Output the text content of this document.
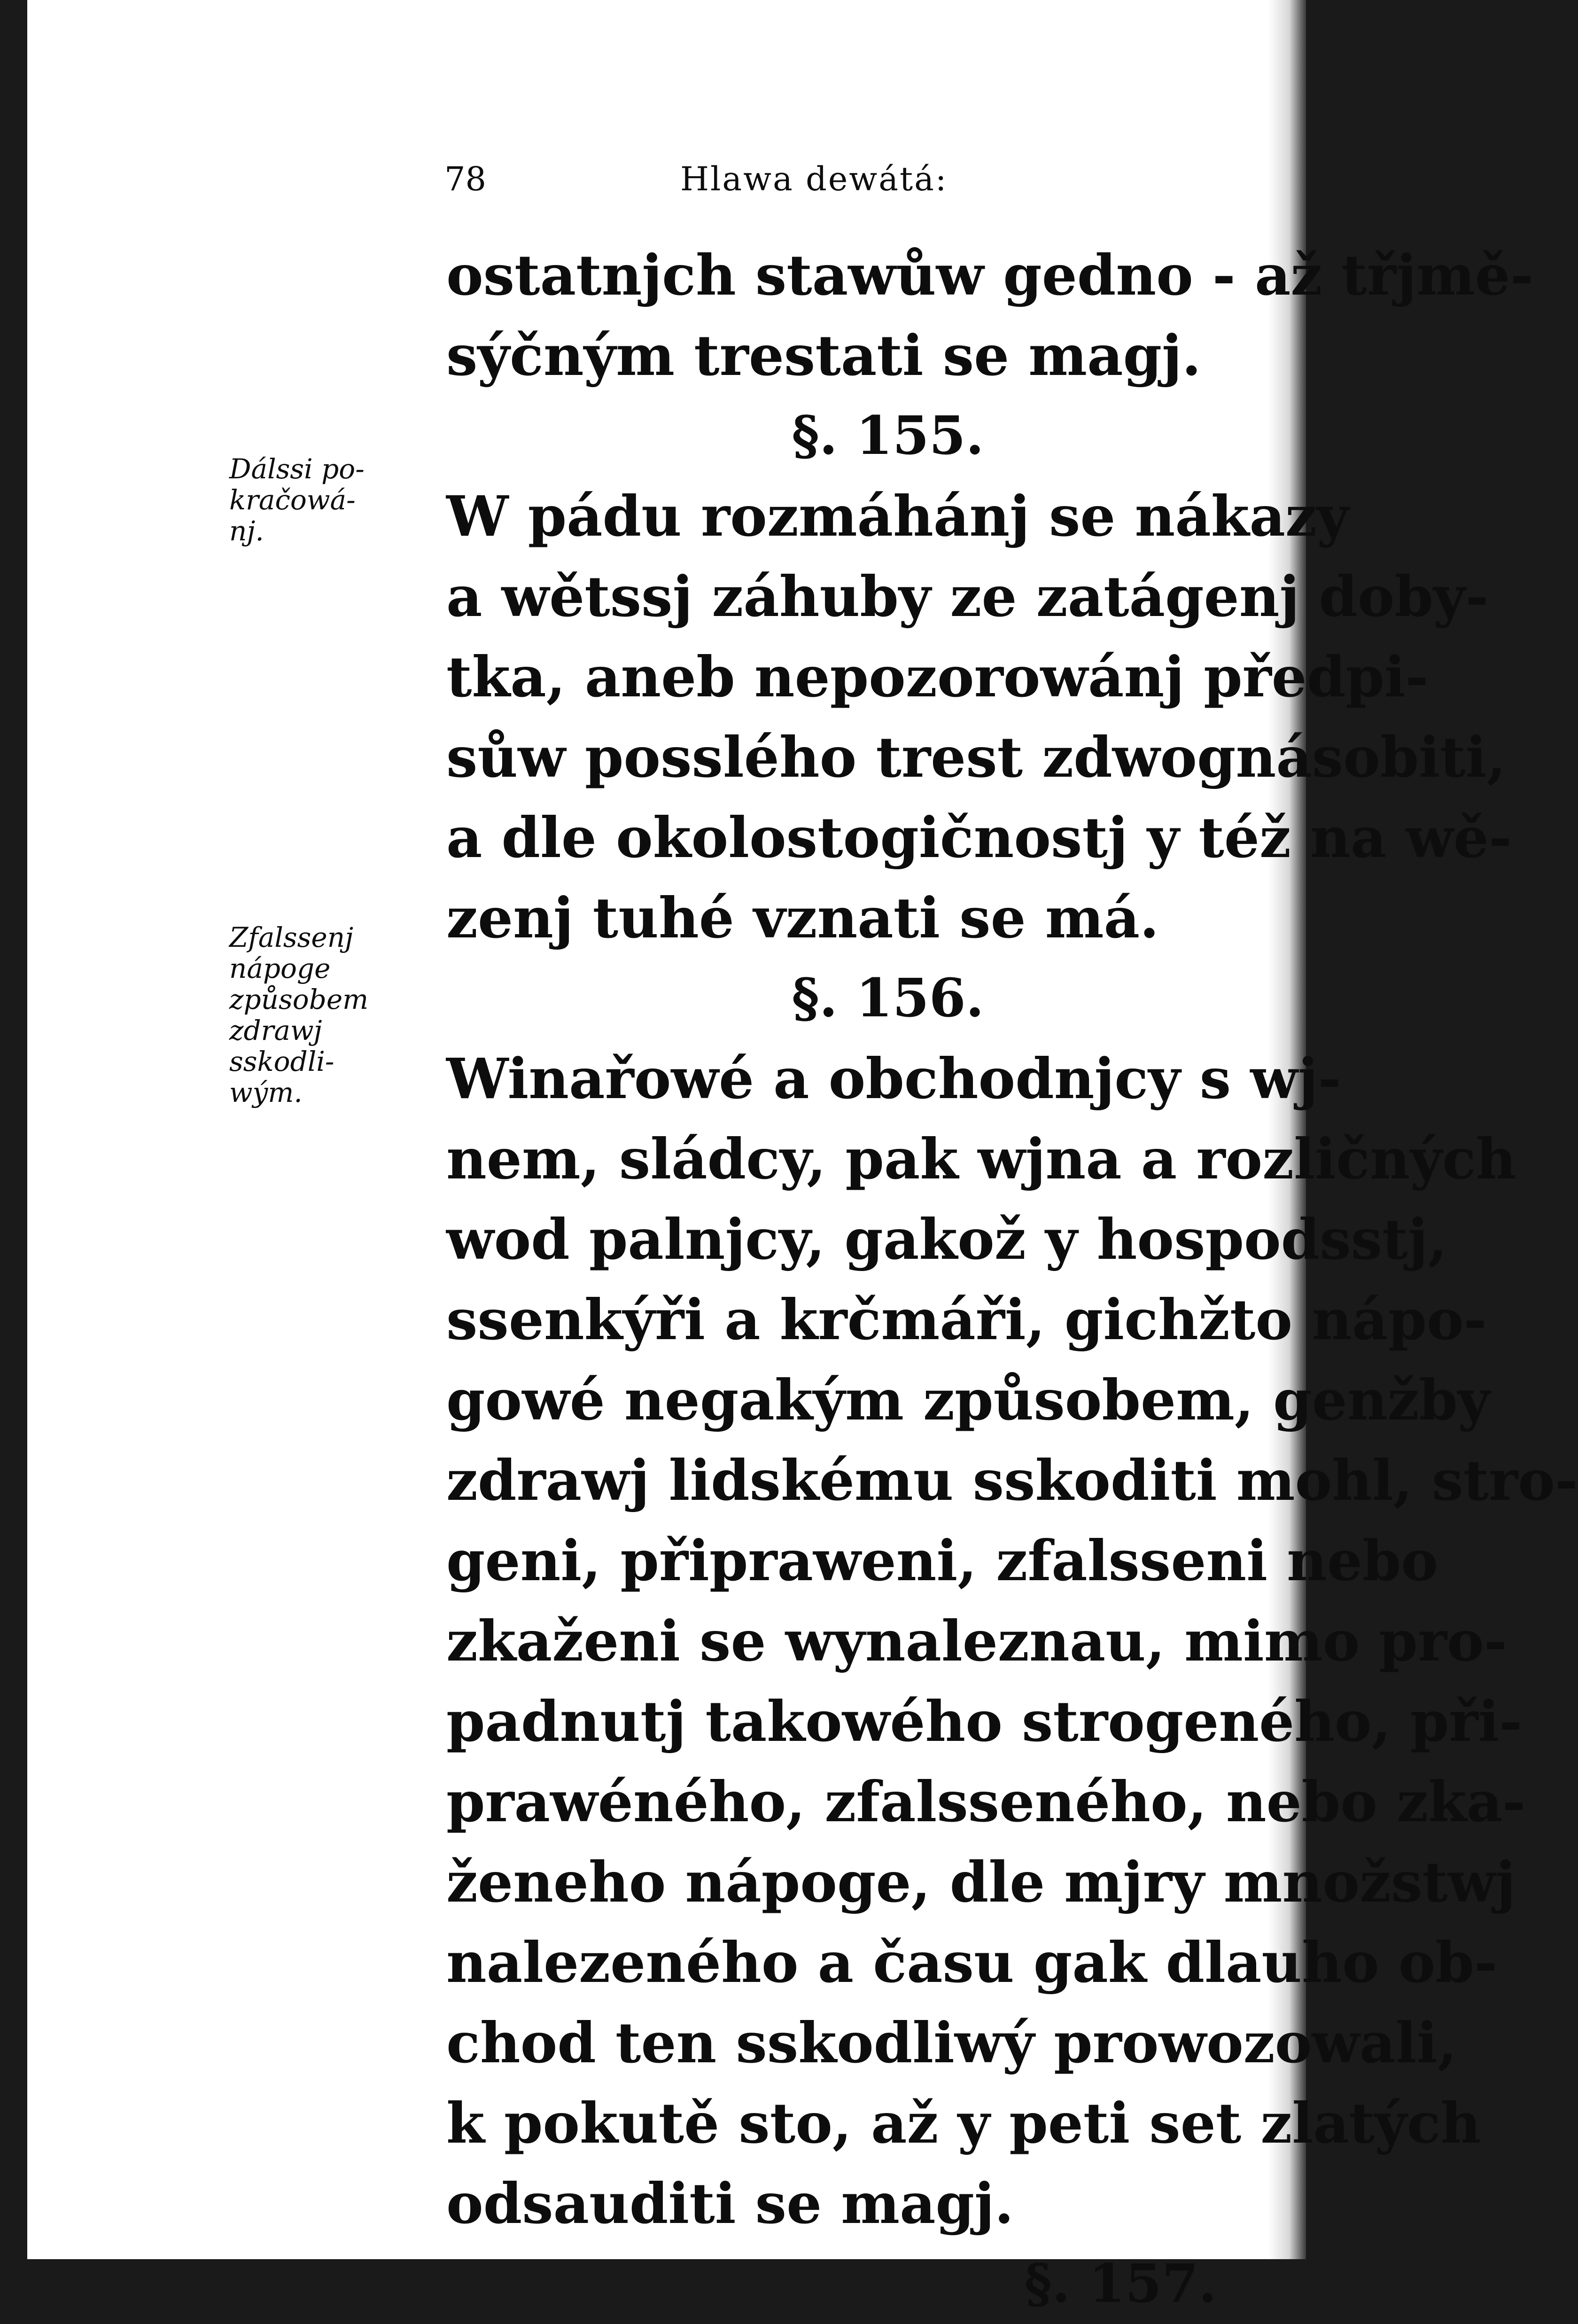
78	Hlawa dewátá:
Dálssi po-
kračowá-
nj.
Zfalssenj
nápoge
způsobem
zdrawj
sskodli-
wým.
ostatnjch stawůw gedno - až třjmě-
sýčným trestati se magj.
§. 155.
W pádu rozmáhánj se nákazy
a wětssj záhuby ze zatágenj doby-
tka, aneb nepozorowánj předpi-
sůw posslého trest zdwognásobiti,
a dle okolostogičnostj y též na wě-
zenj tuhé vznati se má.
§. 156.
Winařowé a obchodnjcy s wj-
nem, sládcy, pak wjna a rozličných
wod palnjcy, gakož y hospodsstj,
ssenkýři a krčmáři, gichžto nápo-
gowé negakým způsobem, genžby
zdrawj lidskému sskoditi mohl, stro-
geni, připraweni, zfalsseni nebo
zkaženi se wynaleznau, mimo pro-
padnutj takowého strogeného, při-
prawéného, zfalsseného, nebo zka-
ženeho nápoge, dle mjry množstwj
nalezeného a času gak dlauho ob-
chod ten sskodliwý prowozowali,
k pokutě sto, až y peti set zlatých
odsauditi se magj.
§. 157.
